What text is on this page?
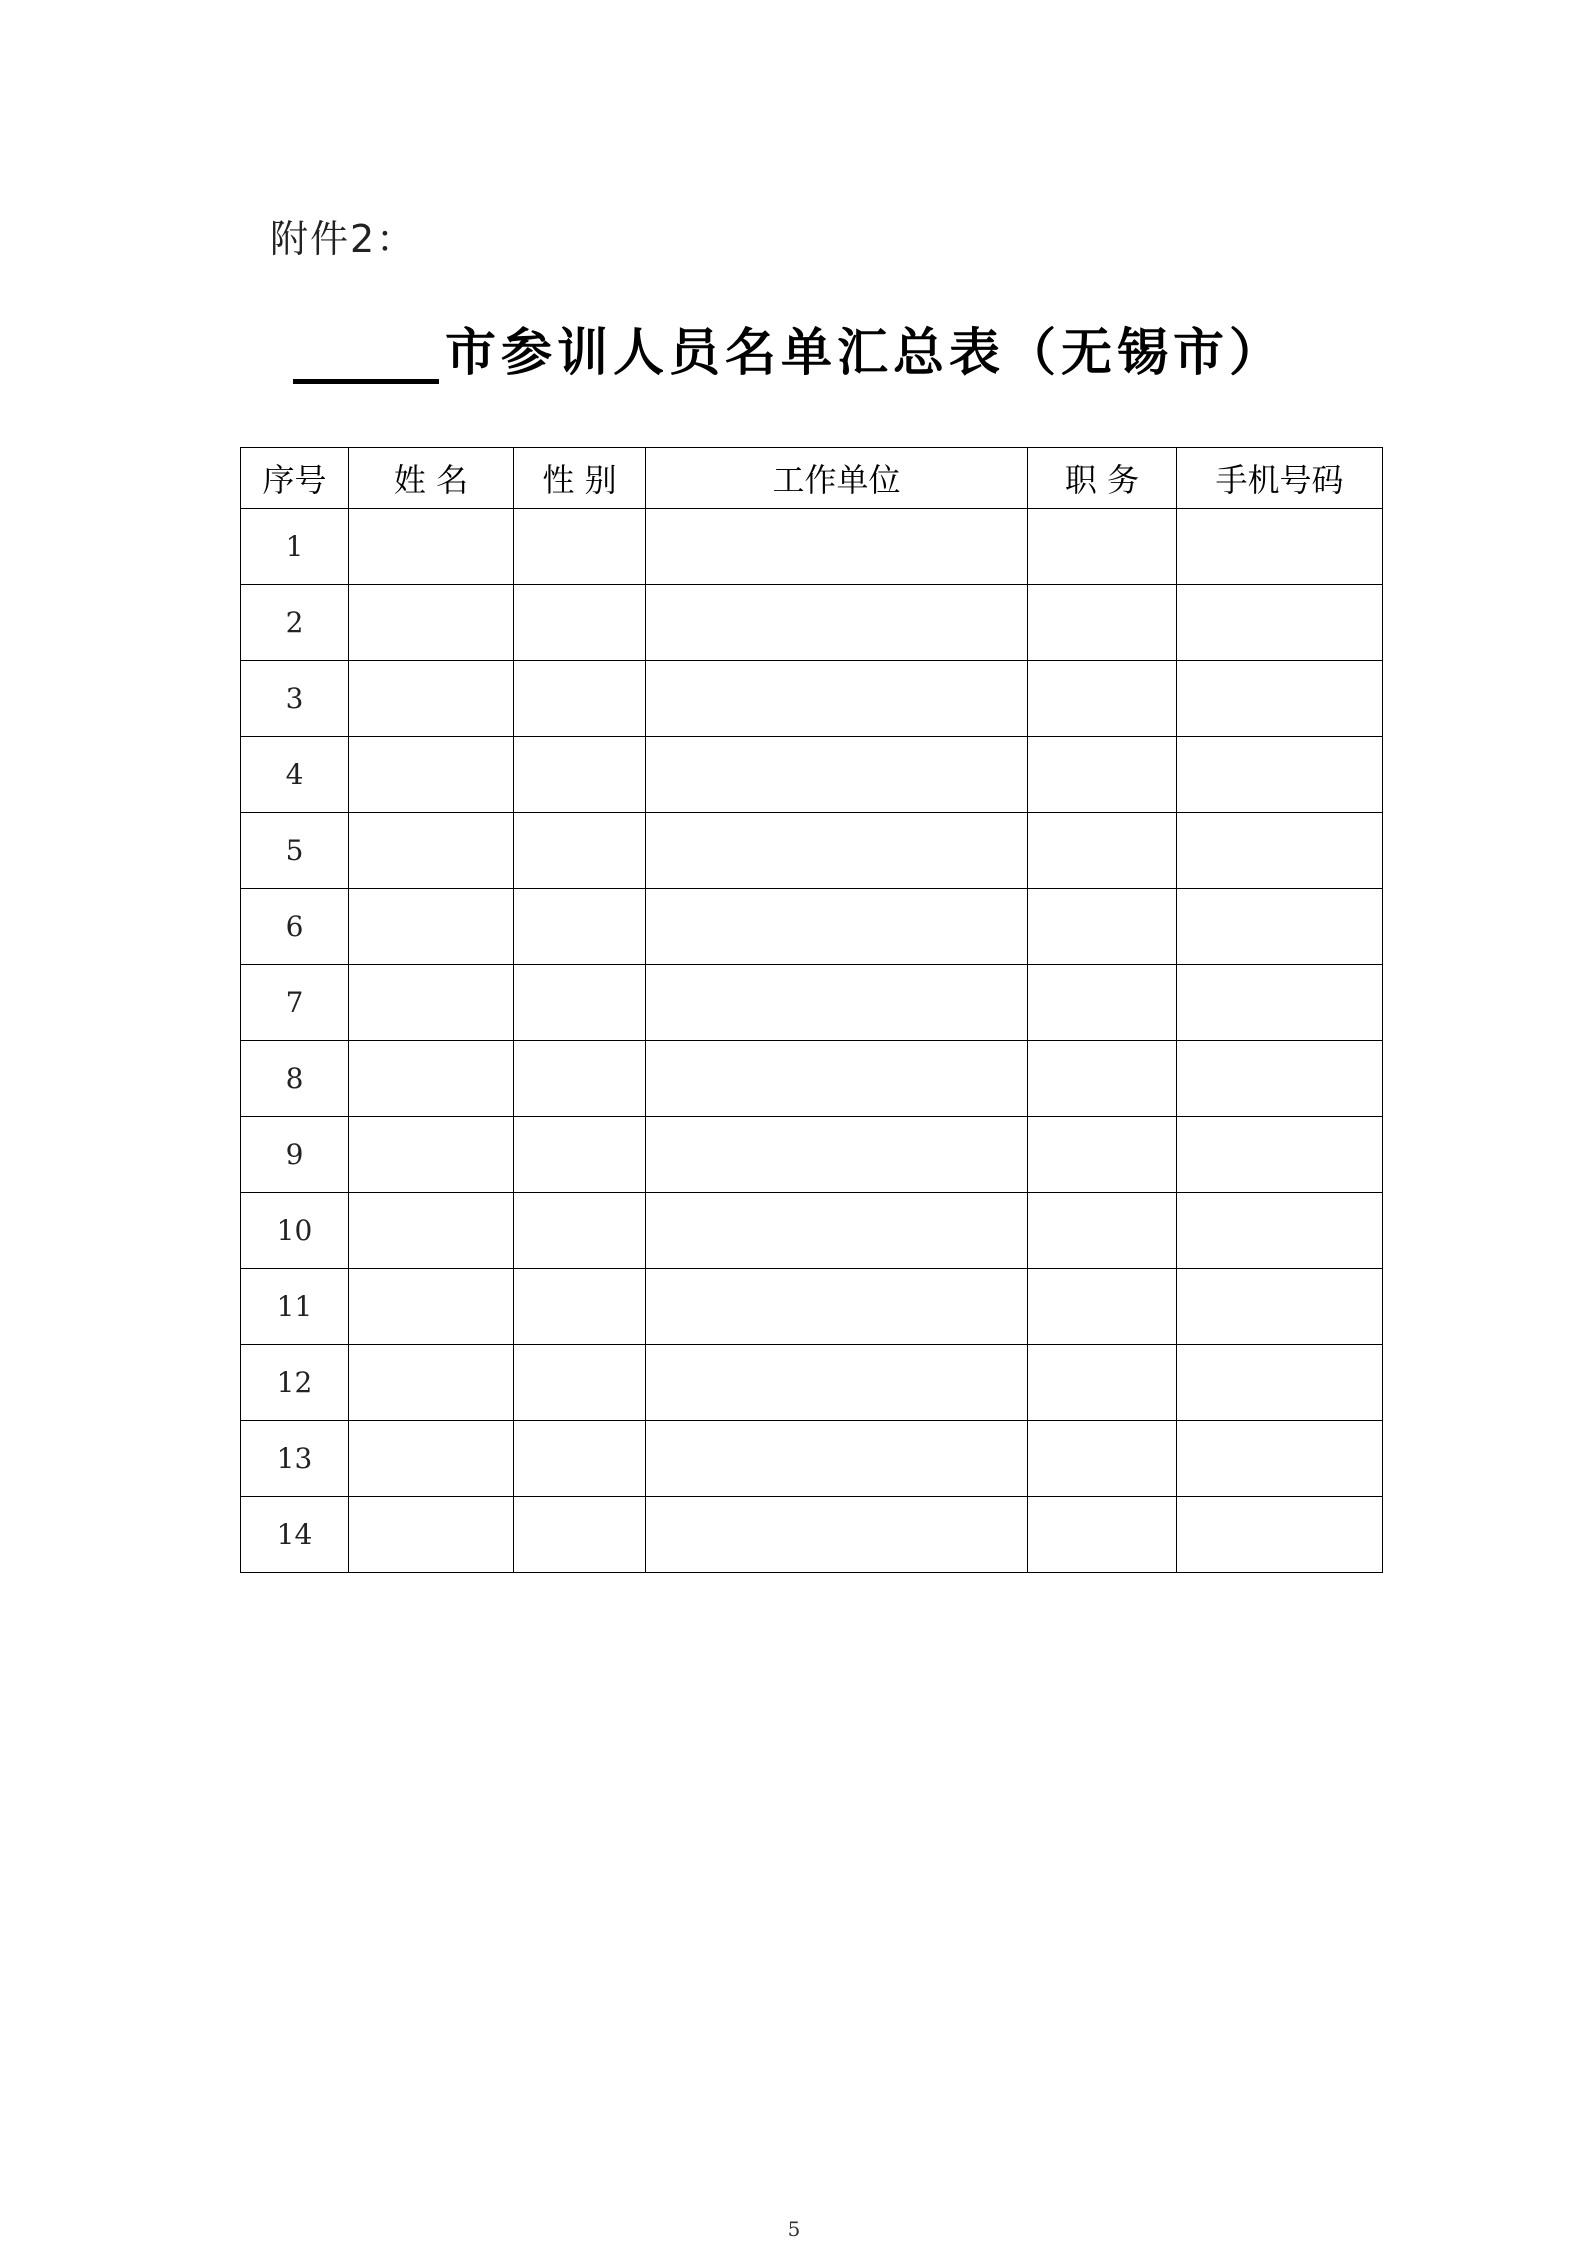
附件2：
市参训人员名单汇总表（无锡市）
序号	姓 名	性 别	工作单位	职 务	手机号码
1					
2					
3					
4					
5					
6					
7					
8					
9					
10					
11					
12					
13					
14					
5
